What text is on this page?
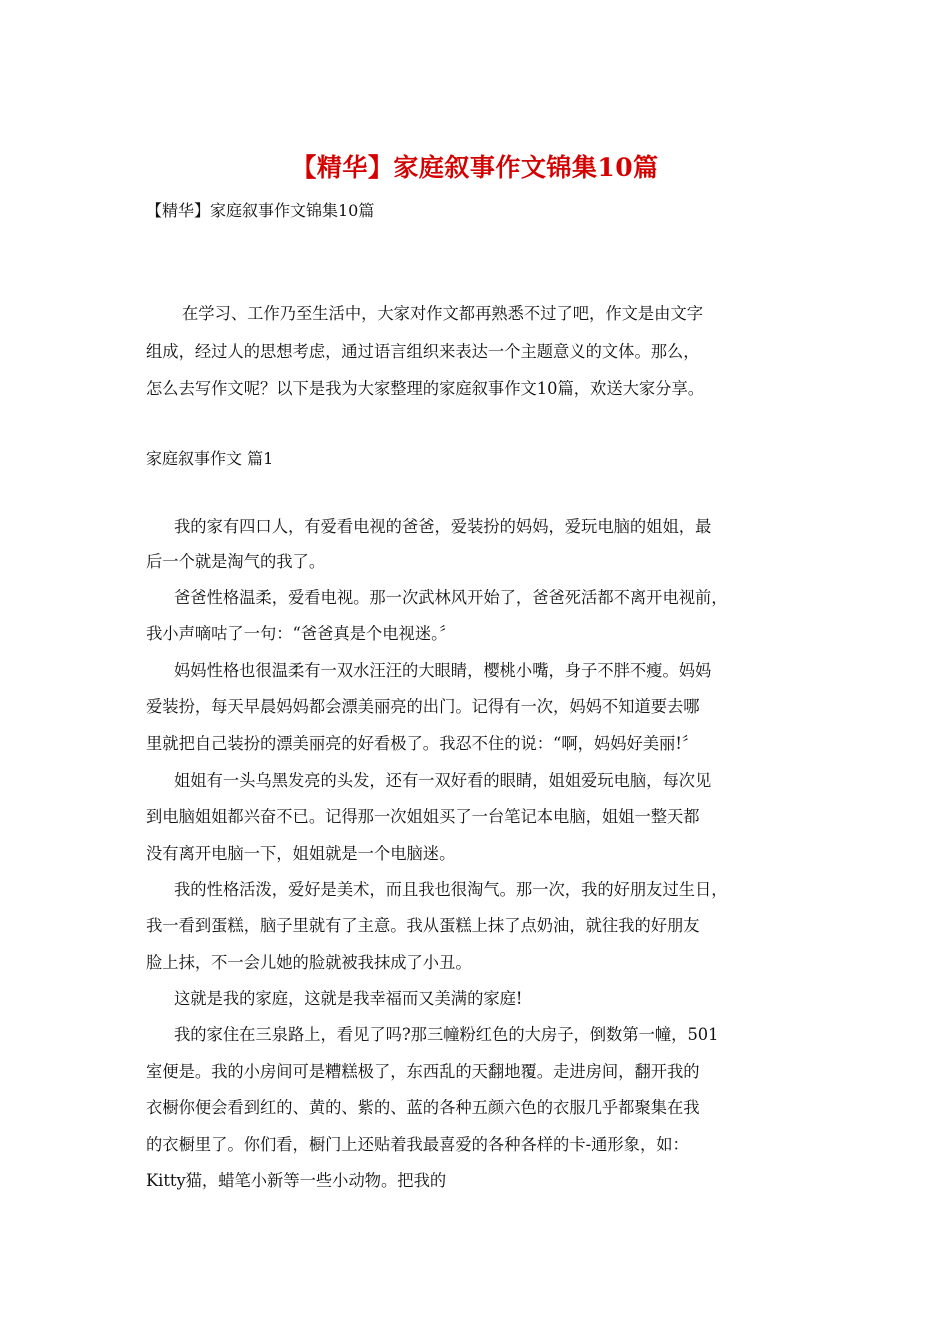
【精华】家庭叙事作文锦集10篇
【精华】家庭叙事作文锦集10篇
在学习、工作乃至生活中，大家对作文都再熟悉不过了吧，作文是由文字
组成，经过人的思想考虑，通过语言组织来表达一个主题意义的文体。那么，
怎么去写作文呢？以下是我为大家整理的家庭叙事作文10篇，欢送大家分享。
家庭叙事作文 篇1
我的家有四口人，有爱看电视的爸爸，爱装扮的妈妈，爱玩电脑的姐姐，最
后一个就是淘气的我了。
爸爸性格温柔，爱看电视。那一次武林风开始了，爸爸死活都不离开电视前，
我小声嘀咕了一句：“爸爸真是个电视迷。〞
妈妈性格也很温柔有一双水汪汪的大眼睛，樱桃小嘴，身子不胖不瘦。妈妈
爱装扮，每天早晨妈妈都会漂美丽亮的出门。记得有一次，妈妈不知道要去哪
里就把自己装扮的漂美丽亮的好看极了。我忍不住的说：“啊，妈妈好美丽!〞
姐姐有一头乌黑发亮的头发，还有一双好看的眼睛，姐姐爱玩电脑，每次见
到电脑姐姐都兴奋不已。记得那一次姐姐买了一台笔记本电脑，姐姐一整天都
没有离开电脑一下，姐姐就是一个电脑迷。
我的性格活泼，爱好是美术，而且我也很淘气。那一次，我的好朋友过生日，
我一看到蛋糕，脑子里就有了主意。我从蛋糕上抹了点奶油，就往我的好朋友
脸上抹，不一会儿她的脸就被我抹成了小丑。
这就是我的家庭，这就是我幸福而又美满的家庭!
我的家住在三泉路上，看见了吗?那三幢粉红色的大房子，倒数第一幢，501
室便是。我的小房间可是糟糕极了，东西乱的天翻地覆。走进房间，翻开我的
衣橱你便会看到红的、黄的、紫的、蓝的各种五颜六色的衣服几乎都聚集在我
的衣橱里了。你们看，橱门上还贴着我最喜爱的各种各样的卡-通形象，如：
Kitty猫，蜡笔小新等一些小动物。把我的
